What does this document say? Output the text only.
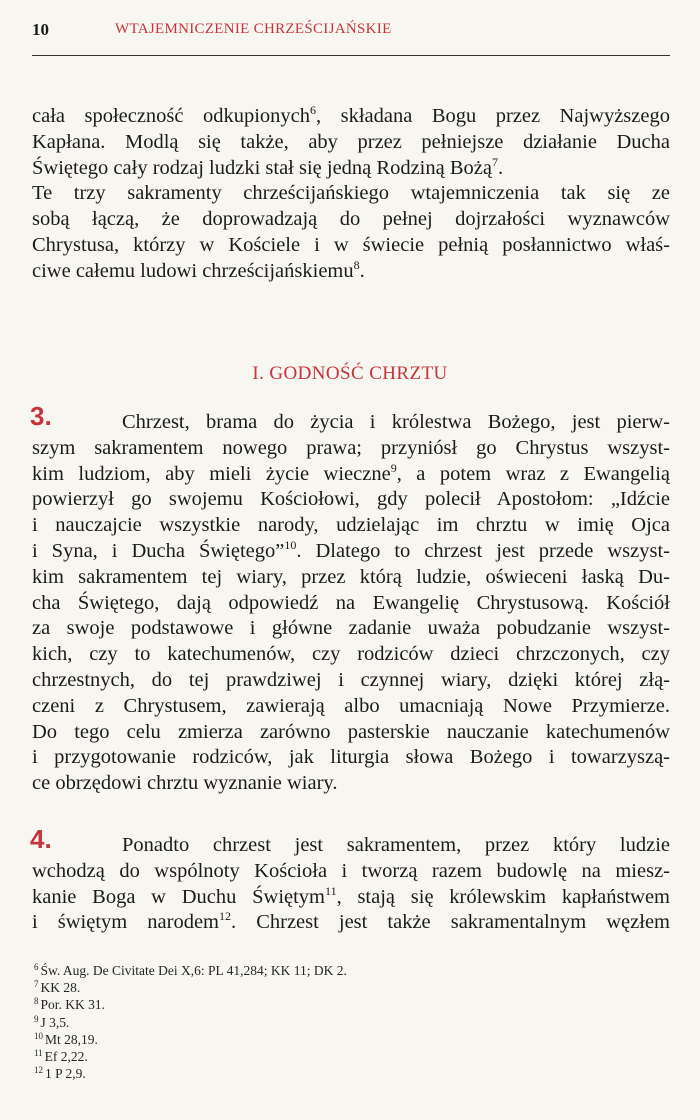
10	WTAJEMNICZENIE CHRZEŚCIJAŃSKIE
cała społeczność odkupionych$^6$, składana Bogu przez Najwyższego
Kapłana. Modlą się także, aby przez pełniejsze działanie Ducha
Świętego cały rodzaj ludzki stał się jedną Rodziną Bożą$^7$.
Te trzy sakramenty chrześcijańskiego wtajemniczenia tak się ze
sobą łączą, że doprowadzają do pełnej dojrzałości wyznawców
Chrystusa, którzy w Kościele i w świecie pełnią posłannictwo właś-
ciwe całemu ludowi chrześcijańskiemu$^8$.
I. GODNOŚĆ CHRZTU
3.	Chrzest, brama do życia i królestwa Bożego, jest pierw-
szym sakramentem nowego prawa; przyniósł go Chrystus wszyst-
kim ludziom, aby mieli życie wieczne$^9$, a potem wraz z Ewangelią
powierzył go swojemu Kościołowi, gdy polecił Apostołom: „Idźcie
i nauczajcie wszystkie narody, udzielając im chrztu w imię Ojca
i Syna, i Ducha Świętego”$^{10}$. Dlatego to chrzest jest przede wszyst-
kim sakramentem tej wiary, przez którą ludzie, oświeceni łaską Du-
cha Świętego, dają odpowiedź na Ewangelię Chrystusową. Kościół
za swoje podstawowe i główne zadanie uważa pobudzanie wszyst-
kich, czy to katechumenów, czy rodziców dzieci chrzczonych, czy
chrzestnych, do tej prawdziwej i czynnej wiary, dzięki której złą-
czeni z Chrystusem, zawierają albo umacniają Nowe Przymierze.
Do tego celu zmierza zarówno pasterskie nauczanie katechumenów
i przygotowanie rodziców, jak liturgia słowa Bożego i towarzyszą-
ce obrzędowi chrztu wyznanie wiary.
4.	Ponadto chrzest jest sakramentem, przez który ludzie
wchodzą do wspólnoty Kościoła i tworzą razem budowlę na miesz-
kanie Boga w Duchu Świętym$^{11}$, stają się królewskim kapłaństwem
i świętym narodem$^{12}$. Chrzest jest także sakramentalnym węzłem
$^6$ Św. Aug. De Civitate Dei X,6: PL 41,284; KK 11; DK 2.
$^7$ KK 28.
$^8$ Por. KK 31.
$^9$ J 3,5.
$^{10}$ Mt 28,19.
$^{11}$ Ef 2,22.
$^{12}$ 1 P 2,9.
